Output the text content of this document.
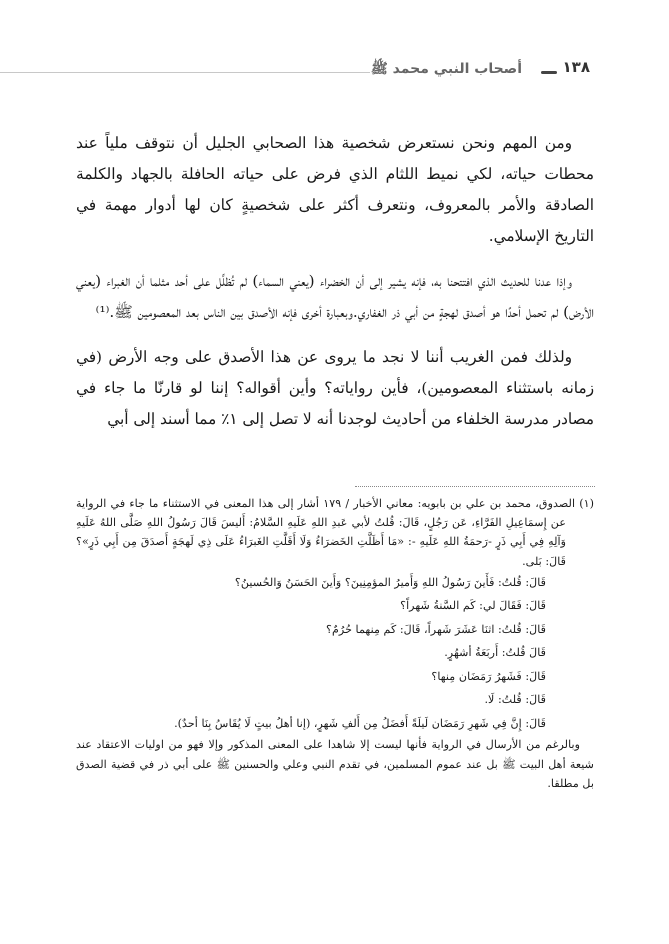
أصحاب النبي محمد ﷺ	١٣٨

ومن المهم ونحن نستعرض شخصية هذا الصحابي الجليل أن نتوقف ملياً عند محطات حياته، لكي نميط اللثام الذي فرض على حياته الحافلة بالجهاد والكلمة الصادقة والأمر بالمعروف، ونتعرف أكثر على شخصيةٍ كان لها أدوار مهمة في التاريخ الإسلامي.

وإذا عدنا للحديث الذي افتتحنا به، فإنه يشير إلى أن الخضراء (يعني السماء) لم تُظلِّل على أحد مثلما أن الغبراء (يعني الأرض) لم تحمل أحدًا هو أصدق لهجةٍ من أبي ذر الغفاري.وبعبارة أخرى فإنه الأصدق بين الناس بعد المعصومين ﷺ.⁽¹⁾

ولذلك فمن الغريب أننا لا نجد ما يروى عن هذا الأصدق على وجه الأرض (في زمانه باستثناء المعصومين)، فأين رواياته؟ وأين أقواله؟ إننا لو قارنّا ما جاء في مصادر مدرسة الخلفاء من أحاديث لوجدنا أنه لا تصل إلى ١٪ مما أسند إلى أبي

(١) الصدوق، محمد بن علي بن بابويه: معاني الأخبار / ١٧٩ أشار إلى هذا المعنى في الاستثناء ما جاء في الرواية عن إِسمَاعِيلِ الفَرَّاءِ، عَن رَجُلٍ، قَالَ: قُلتُ لأبي عَبدِ اللهِ عَلَيهِ السَّلامُ: أَليسَ قَالَ رَسُولُ اللهِ صَلَّى اللهُ عَلَيهِ وَآلِهِ فِي أَبِي ذَرٍ -رَحمَةُ اللهِ عَلَيهِ -: «مَا أَظَلَّتِ الخَضرَاءُ وَلَا أَقَلَّتِ الغَبرَاءُ عَلَى ذِي لَهجَةٍ أَصدَقَ مِن أَبِي ذَرٍ»؟ قَالَ: بَلى.

قَالَ: قُلتُ: فَأَينَ رَسُولُ اللهِ وَأَميرُ المؤمِنِينَ؟ وَأَينَ الحَسَنُ وَالحُسينُ؟

قَالَ: فَقَالَ لي: كَم السَّنةُ شَهراً؟

قَالَ: قُلتُ: اثنَا عَشَرَ شَهراً، قَالَ: كَم مِنهما حُرُمٌ؟

قَالَ قُلتُ: أَربَعَةُ أشهُرٍ.

قَالَ: فَشَهرُ رَمَضَان مِنها؟

قَالَ: قُلتُ: لَا.

قَالَ: إِنَّ فِي شَهرِ رَمَضَان لَيلَةً أَفضَلُ مِن أَلفِ شَهرٍ، (إنا أهلُ بيتٍ لَا يُقَاسُ بِنَا أحدٌ).

وبالرغم من الأرسال في الرواية فأنها ليست إلا شاهدا على المعنى المذكور وإلا فهو من اوليات الاعتقاد عند شيعة أهل البيت ﷺ بل عند عموم المسلمين، في تقدم النبي وعلي والحسنين ﷺ على أبي ذر في قضية الصدق بل مطلقا.
